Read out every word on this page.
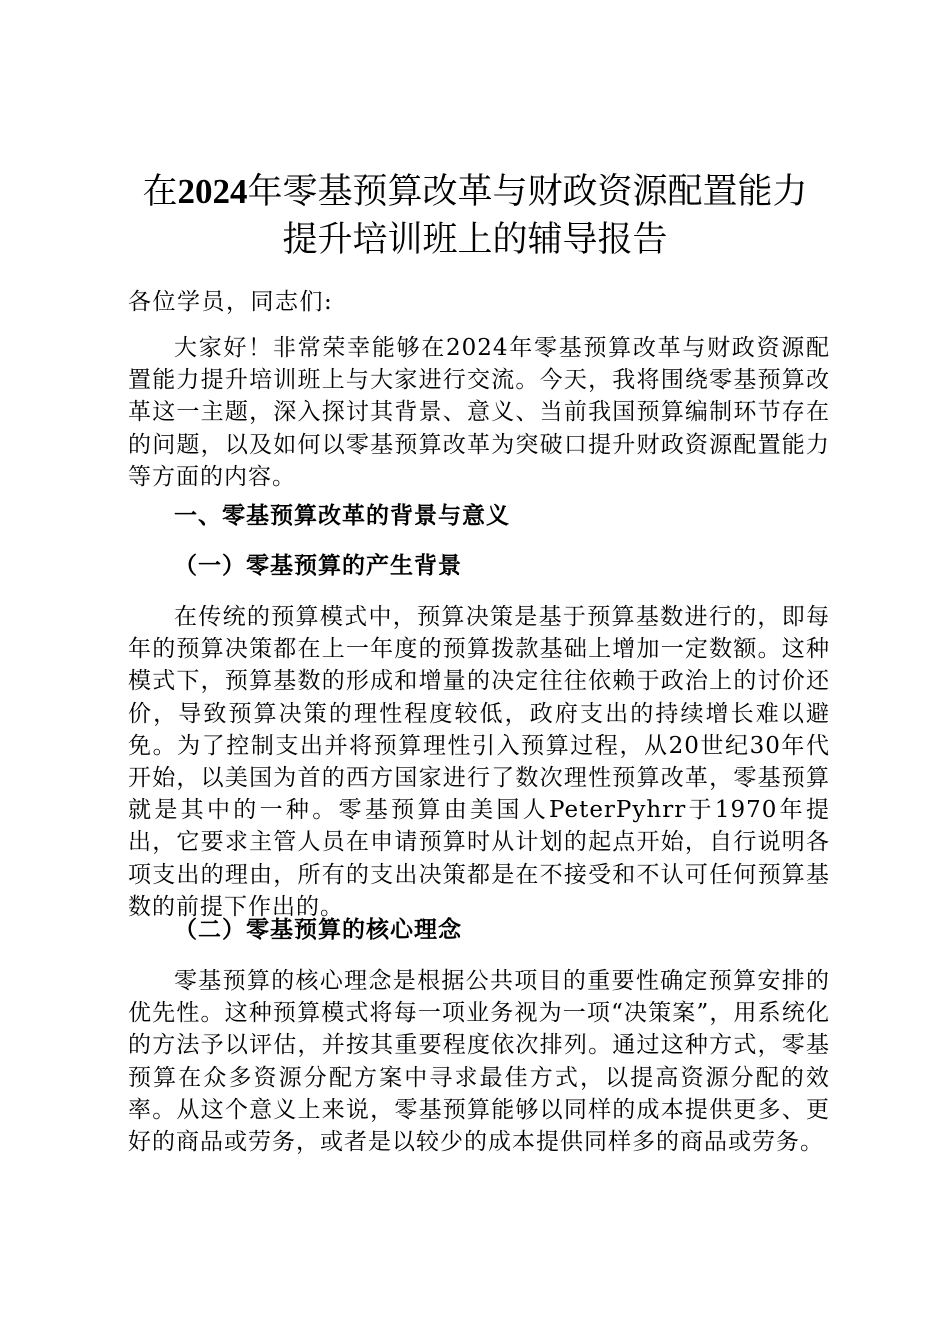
在2024年零基预算改革与财政资源配置能力
提升培训班上的辅导报告

各位学员，同志们:

大家好！非常荣幸能够在2024年零基预算改革与财政资源配置能力提升培训班上与大家进行交流。今天，我将围绕零基预算改革这一主题，深入探讨其背景、意义、当前我国预算编制环节存在的问题，以及如何以零基预算改革为突破口提升财政资源配置能力等方面的内容。

一、零基预算改革的背景与意义

（一）零基预算的产生背景

在传统的预算模式中，预算决策是基于预算基数进行的，即每年的预算决策都在上一年度的预算拨款基础上增加一定数额。这种模式下，预算基数的形成和增量的决定往往依赖于政治上的讨价还价，导致预算决策的理性程度较低，政府支出的持续增长难以避免。为了控制支出并将预算理性引入预算过程，从20世纪30年代开始，以美国为首的西方国家进行了数次理性预算改革，零基预算就是其中的一种。零基预算由美国人PeterPyhrr于1970年提出，它要求主管人员在申请预算时从计划的起点开始，自行说明各项支出的理由，所有的支出决策都是在不接受和不认可任何预算基数的前提下作出的。

（二）零基预算的核心理念

零基预算的核心理念是根据公共项目的重要性确定预算安排的优先性。这种预算模式将每一项业务视为一项“决策案”，用系统化的方法予以评估，并按其重要程度依次排列。通过这种方式，零基预算在众多资源分配方案中寻求最佳方式，以提高资源分配的效率。从这个意义上来说，零基预算能够以同样的成本提供更多、更好的商品或劳务，或者是以较少的成本提供同样多的商品或劳务。
